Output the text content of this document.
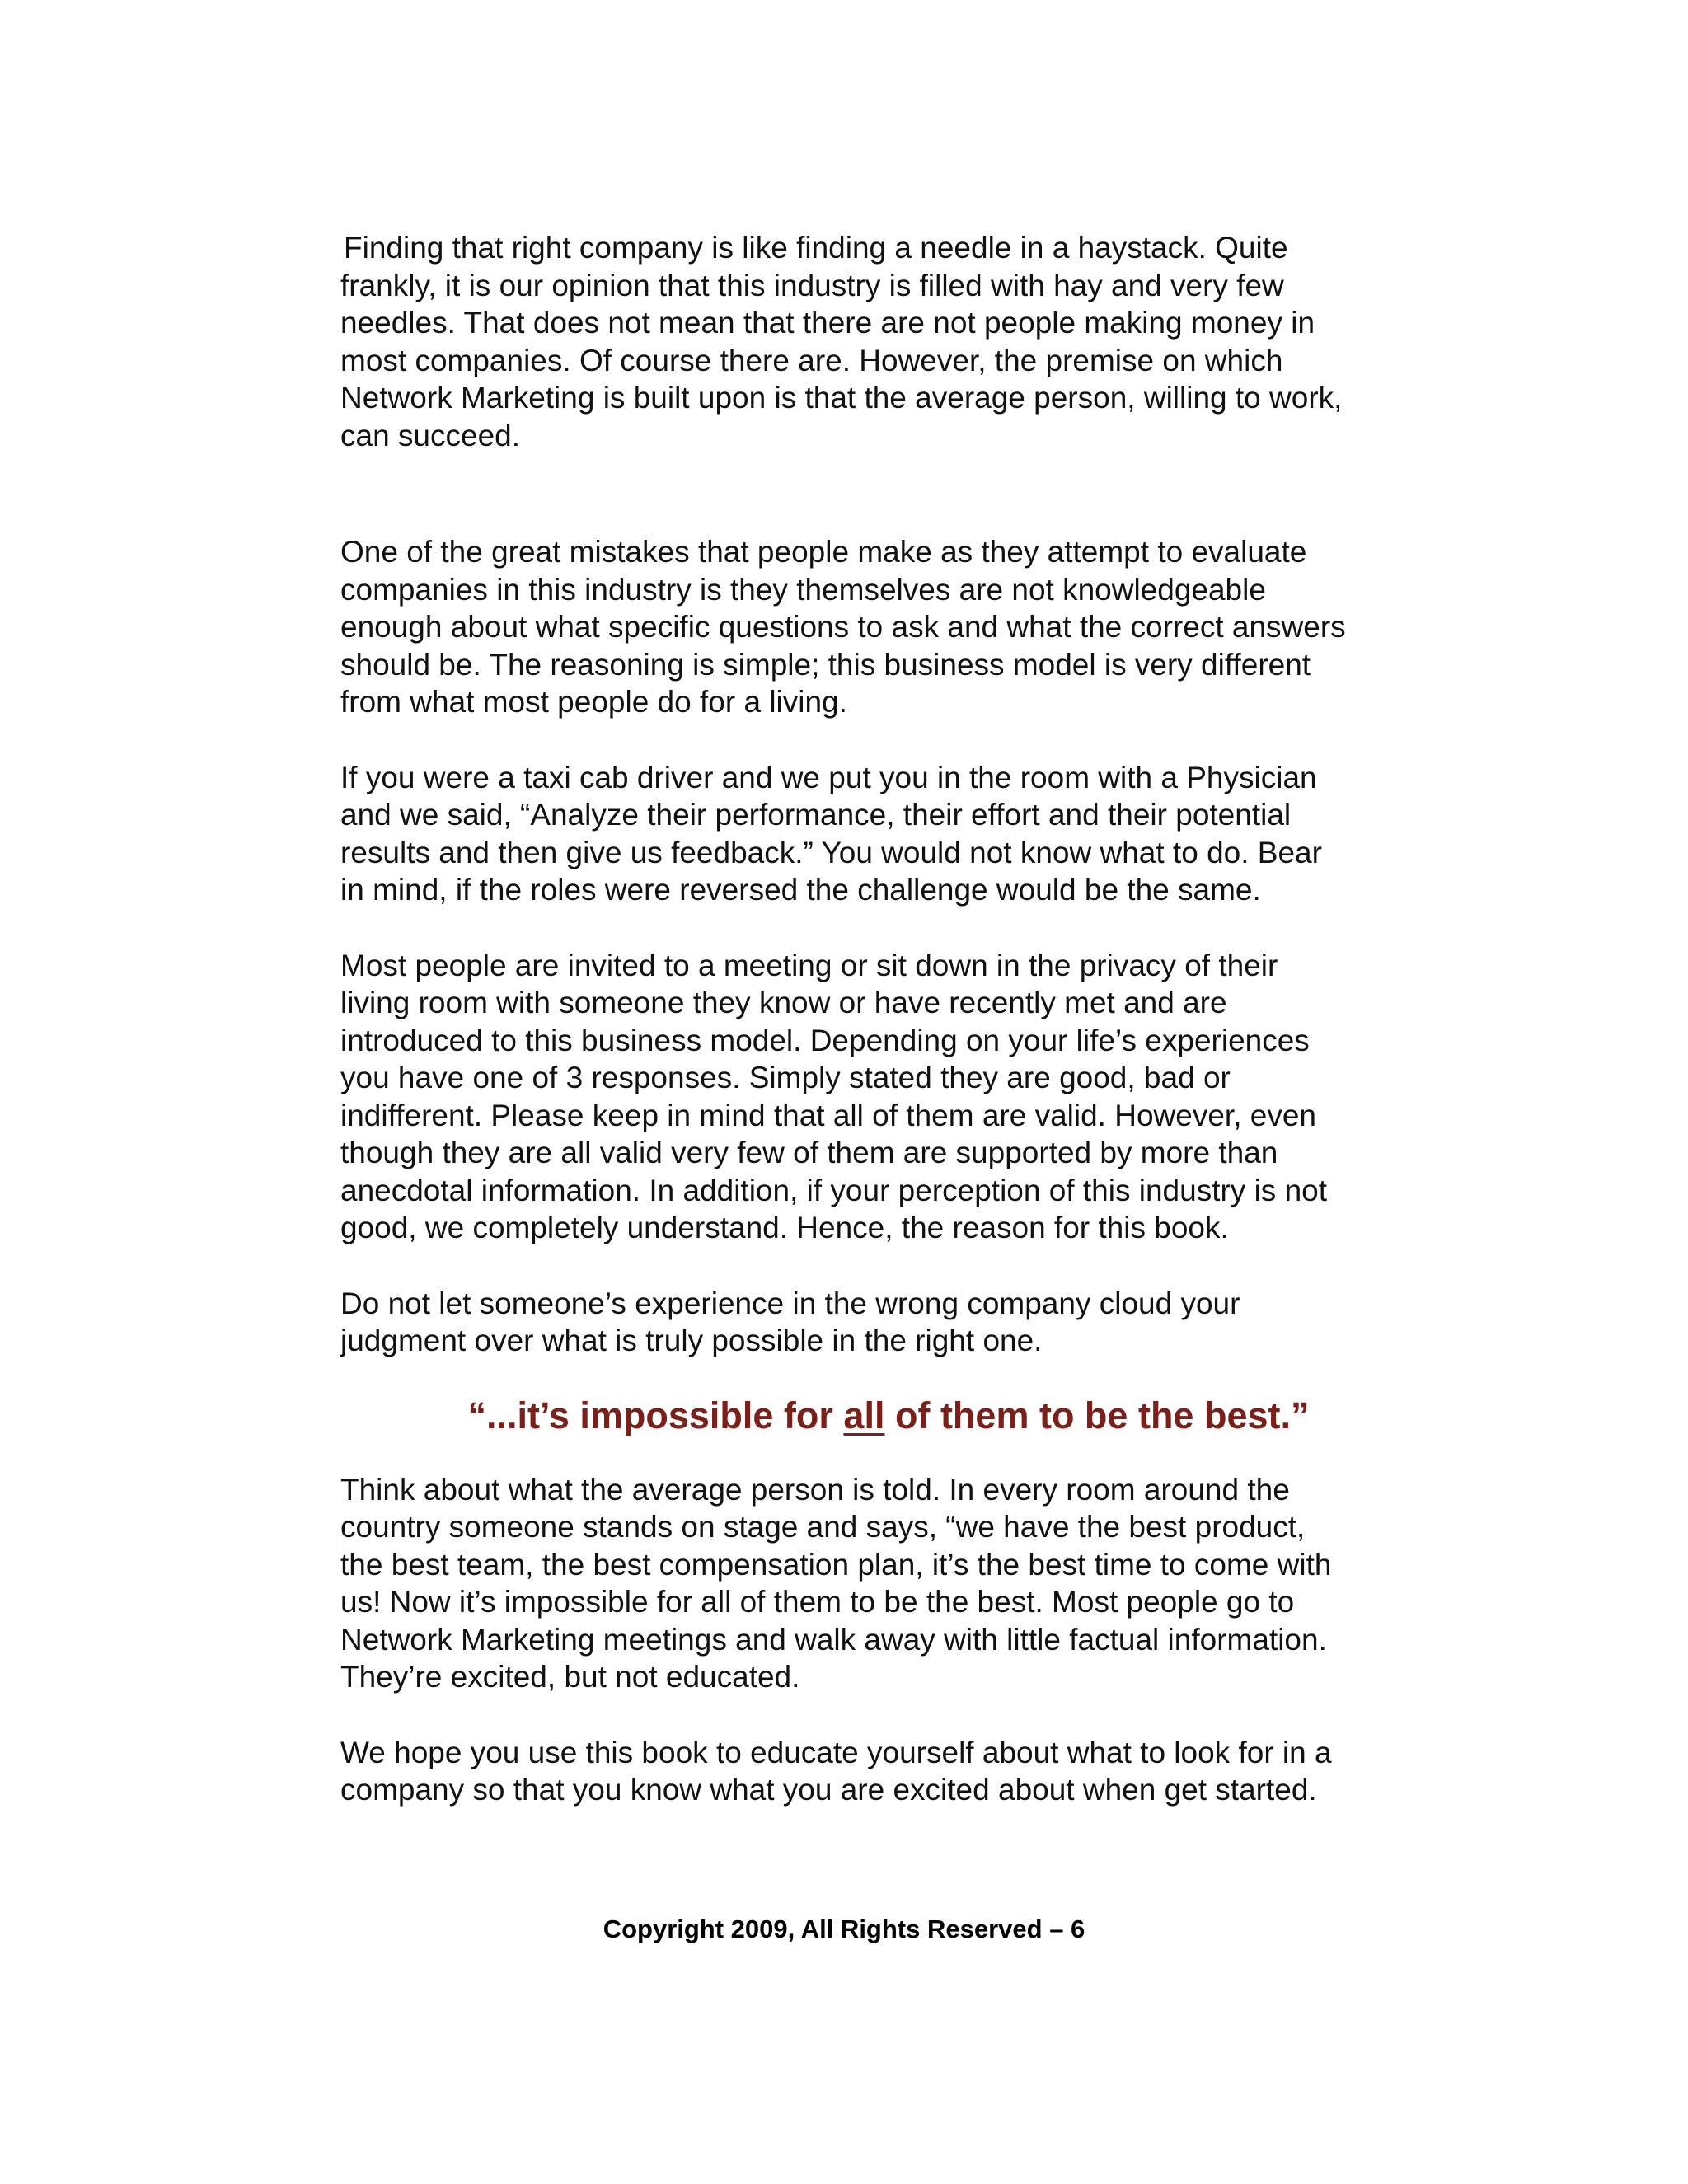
Finding that right company is like finding a needle in a haystack. Quite
frankly, it is our opinion that this industry is filled with hay and very few
needles. That does not mean that there are not people making money in
most companies. Of course there are. However, the premise on which
Network Marketing is built upon is that the average person, willing to work,
can succeed.

One of the great mistakes that people make as they attempt to evaluate
companies in this industry is they themselves are not knowledgeable
enough about what specific questions to ask and what the correct answers
should be. The reasoning is simple; this business model is very different
from what most people do for a living.

If you were a taxi cab driver and we put you in the room with a Physician
and we said, “Analyze their performance, their effort and their potential
results and then give us feedback.” You would not know what to do. Bear
in mind, if the roles were reversed the challenge would be the same.

Most people are invited to a meeting or sit down in the privacy of their
living room with someone they know or have recently met and are
introduced to this business model. Depending on your life’s experiences
you have one of 3 responses. Simply stated they are good, bad or
indifferent. Please keep in mind that all of them are valid. However, even
though they are all valid very few of them are supported by more than
anecdotal information. In addition, if your perception of this industry is not
good, we completely understand. Hence, the reason for this book.

Do not let someone’s experience in the wrong company cloud your
judgment over what is truly possible in the right one.

“...it’s impossible for all of them to be the best.”

Think about what the average person is told. In every room around the
country someone stands on stage and says, “we have the best product,
the best team, the best compensation plan, it’s the best time to come with
us! Now it’s impossible for all of them to be the best. Most people go to
Network Marketing meetings and walk away with little factual information.
They’re excited, but not educated.

We hope you use this book to educate yourself about what to look for in a
company so that you know what you are excited about when get started.

Copyright 2009, All Rights Reserved – 6
